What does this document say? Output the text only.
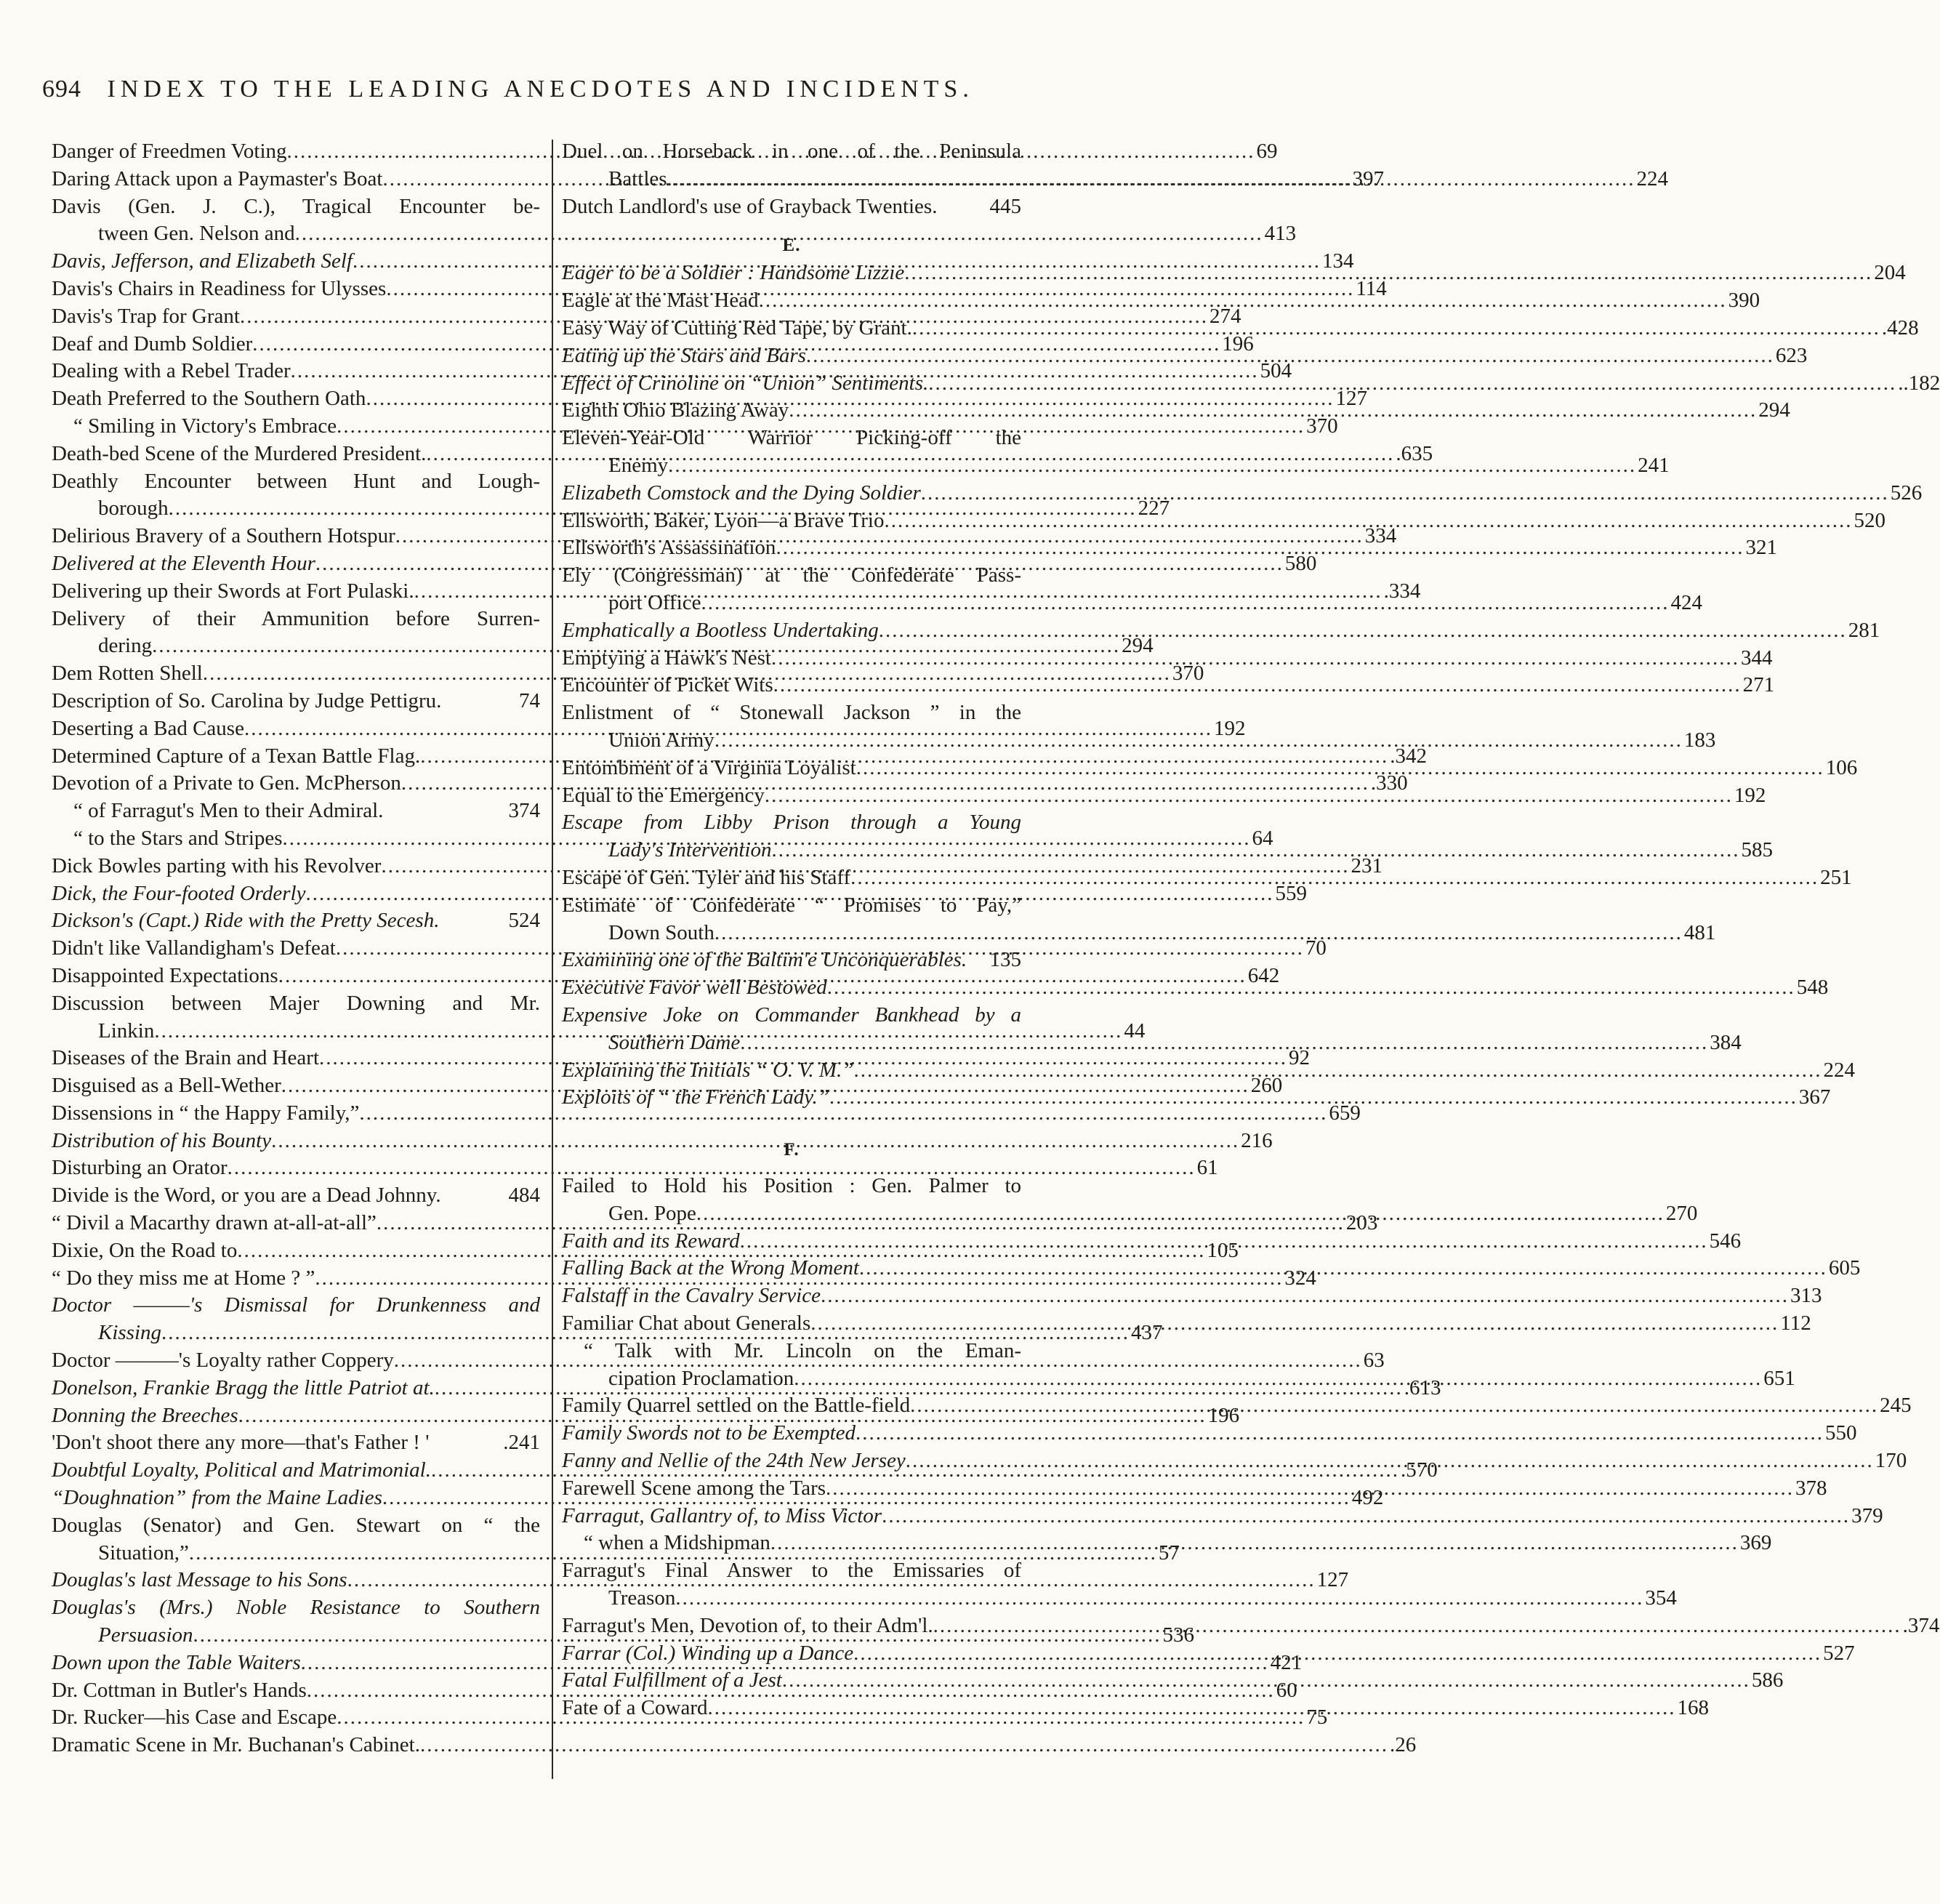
694 INDEX TO THE LEADING ANECDOTES AND INCIDENTS.
Danger of Freedmen Voting .....	69
Daring Attack upon a Paymaster's Boat .....	397
Davis (Gen. J. C.), Tragical Encounter be-
tween Gen. Nelson and .....	413
Davis, Jefferson, and Elizabeth Self .....	134
Davis's Chairs in Readiness for Ulysses .....	114
Davis's Trap for Grant .....	274
Deaf and Dumb Soldier .....	196
Dealing with a Rebel Trader .....	504
Death Preferred to the Southern Oath .....	127
“ Smiling in Victory's Embrace .....	370
Death-bed Scene of the Murdered President. .....	.635
Deathly Encounter between Hunt and Lough-
borough .....	227
Delirious Bravery of a Southern Hotspur .....	334
Delivered at the Eleventh Hour .....	580
Delivering up their Swords at Fort Pulaski. .....	.334
Delivery of their Ammunition before Surren-
dering .....	294
Dem Rotten Shell .....	370
Description of So. Carolina by Judge Pettigru.	74
Deserting a Bad Cause .....	192
Determined Capture of a Texan Battle Flag. .....	.342
Devotion of a Private to Gen. McPherson .....	.330
“ of Farragut's Men to their Admiral.	374
“ to the Stars and Stripes .....	64
Dick Bowles parting with his Revolver .....	231
Dick, the Four-footed Orderly .....	559
Dickson's (Capt.) Ride with the Pretty Secesh.	524
Didn't like Vallandigham's Defeat .....	70
Disappointed Expectations .....	642
Discussion between Majer Downing and Mr.
Linkin .....	44
Diseases of the Brain and Heart .....	92
Disguised as a Bell-Wether .....	260
Dissensions in “ the Happy Family,” .....	659
Distribution of his Bounty .....	216
Disturbing an Orator .....	61
Divide is the Word, or you are a Dead Johnny.	484
“ Divil a Macarthy drawn at-all-at-all” .....	203
Dixie, On the Road to .....	105
“ Do they miss me at Home ? ” .....	324
Doctor ———'s Dismissal for Drunkenness and
Kissing .....	437
Doctor ———'s Loyalty rather Coppery .....	63
Donelson, Frankie Bragg the little Patriot at. .....	.613
Donning the Breeches .....	196
'Don't shoot there any more—that's Father ! '	.241
Doubtful Loyalty, Political and Matrimonial. .....	.570
“Doughnation” from the Maine Ladies .....	492
Douglas (Senator) and Gen. Stewart on “ the
Situation,” .....	57
Douglas's last Message to his Sons .....	127
Douglas's (Mrs.) Noble Resistance to Southern
Persuasion .....	536
Down upon the Table Waiters .....	421
Dr. Cottman in Butler's Hands .....	60
Dr. Rucker—his Case and Escape .....	75
Dramatic Scene in Mr. Buchanan's Cabinet. .....	.26
Duel on Horseback in one of the Peninsula
Battles .....	224
Dutch Landlord's use of Grayback Twenties. 445
E.
Eager to be a Soldier : Handsome Lizzie .....	204
Eagle at the Mast Head .....	390
Easy Way of Cutting Red Tape, by Grant. .....	.428
Eating up the Stars and Bars .....	623
Effect of Crinoline on “Union” Sentiments. .....	..182
Eighth Ohio Blazing Away .....	294
Eleven-Year-Old Warrior Picking-off the
Enemy .....	241
Elizabeth Comstock and the Dying Soldier .....	526
Ellsworth, Baker, Lyon—a Brave Trio .....	520
Ellsworth's Assassination .....	321
Ely (Congressman) at the Confederate Pass-
port Office .....	424
Emphatically a Bootless Undertaking .....	281
Emptying a Hawk's Nest .....	344
Encounter of Picket Wits .....	271
Enlistment of “ Stonewall Jackson ” in the
Union Army .....	183
Entombment of a Virginia Loyalist .....	106
Equal to the Emergency .....	192
Escape from Libby Prison through a Young
Lady's Intervention .....	585
Escape of Gen. Tyler and his Staff .....	251
Estimate of Confederate “ Promises to Pay,”
Down South .....	481
Examining one of the Baltim'e Unconquerables. 135
Executive Favor well Bestowed .....	548
Expensive Joke on Commander Bankhead by a
Southern Dame .....	384
Explaining the Initials “ O. V. M.” .....	224
Exploits of “ the French Lady.” .....	367
F.
Failed to Hold his Position : Gen. Palmer to
Gen. Pope .....	270
Faith and its Reward .....	546
Falling Back at the Wrong Moment .....	605
Falstaff in the Cavalry Service .....	313
Familiar Chat about Generals .....	112
“ Talk with Mr. Lincoln on the Eman-
cipation Proclamation .....	651
Family Quarrel settled on the Battle-field .....	245
Family Swords not to be Exempted .....	550
Fanny and Nellie of the 24th New Jersey .....	170
Farewell Scene among the Tars .....	378
Farragut, Gallantry of, to Miss Victor .....	379
“ when a Midshipman .....	369
Farragut's Final Answer to the Emissaries of
Treason .....	354
Farragut's Men, Devotion of, to their Adm'l. .....	.374
Farrar (Col.) Winding up a Dance .....	527
Fatal Fulfillment of a Jest .....	586
Fate of a Coward .....	168
